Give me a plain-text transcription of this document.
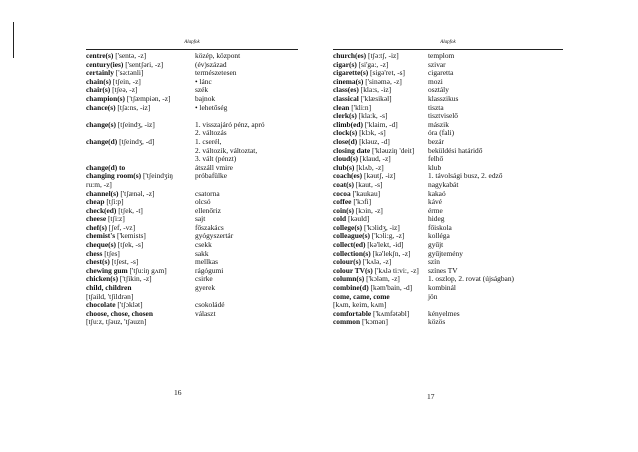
Alapfok
centre(s) ['sentə, -z]	közép, központ
century(ies) ['sentʃəri, -z]	(év)század
certainly ['sə:tənli]	természetesen
chain(s) [tʃein, -z]	• lánc
chair(s) [tʃeə, -z]	szék
champion(s) ['tʃæmpiən, -z]	bajnok
chance(s) [tʃa:ns, -iz]	• lehetőség
change(s) [tʃeindʒ, -iz]	1. visszajáró pénz, apró
2. változás
change(d) [tʃeindʒ, -d]	1. cserél,
2. változik, változtat,
3. vált (pénzt)
change(d) to	átszáll vmire
changing room(s) ['tʃeindʒiŋ	próbafülke
ru:m, -z]
channel(s) ['tʃænəl, -z]	csatorna
cheap [tʃi:p]	olcsó
check(ed) [tʃek, -t]	ellenőriz
cheese [tʃi:z]	sajt
chef(s) [ʃef, -vz]	főszakács
chemist's ['kemists]	gyógyszertár
cheque(s) [tʃek, -s]	csekk
chess [tʃes]	sakk
chest(s) [tʃest, -s]	mellkas
chewing gum ['tʃu:iŋ gʌm]	rágógumi
chicken(s) ['tʃikin, -z]	csirke
child, children	gyerek
[tʃaild, 'tʃildrən]
chocolate ['tʃɔklət]	csokoládé
choose, chose, chosen	választ
[tʃu:z, tʃəuz, 'tʃəuzn]
Alapfok
church(es) [tʃə:tʃ, -iz]	templom
cigar(s) [si'ga:, -z]	szivar
cigarette(s) [sigə'ret, -s]	cigaretta
cinema(s) ['sinəmə, -z]	mozi
class(es) [kla:s, -iz]	osztály
classical ['klæsikəl]	klasszikus
clean ['kli:n]	tiszta
clerk(s) [kla:k, -s]	tisztviselő
climb(ed) ['klaim, -d]	mászik
clock(s) [klɔk, -s]	óra (fali)
close(d) [kləuz, -d]	bezár
closing date ['kləuziŋ 'deit] beküldési határidő
cloud(s) [klaud, -z]	felhő
club(s) [klʌb, -z]	klub
coach(es) [kəutʃ, -iz]	1. távolsági busz, 2. edző
coat(s) [kaut, -s]	nagykabát
cocoa ['kaukau]	kakaó
coffee ['kɔfi]	kávé
coin(s) [kɔin, -z]	érme
cold [kəuld]	hideg
college(s) ['kɔlidʒ, -iz]	főiskola
colleague(s) ['kɔli:g, -z]	kolléga
collect(ed) [kə'lekt, -id]	gyűjt
collection(s) [kə'lekʃn, -z] gyűjtemény
colour(s) ['kʌlə, -z]	szín
colour TV(s) ['kʌlə ti:vi:, -z] színes TV
column(s) ['kɔləm, -z]	1. oszlop, 2. rovat (újságban)
combine(d) [kəm'bain, -d] kombinál
come, came, come	jön
[kʌm, keim, kʌm]
comfortable ['kʌmfətəbl]	kényelmes
common ['kɔmən]	közös
16	17
